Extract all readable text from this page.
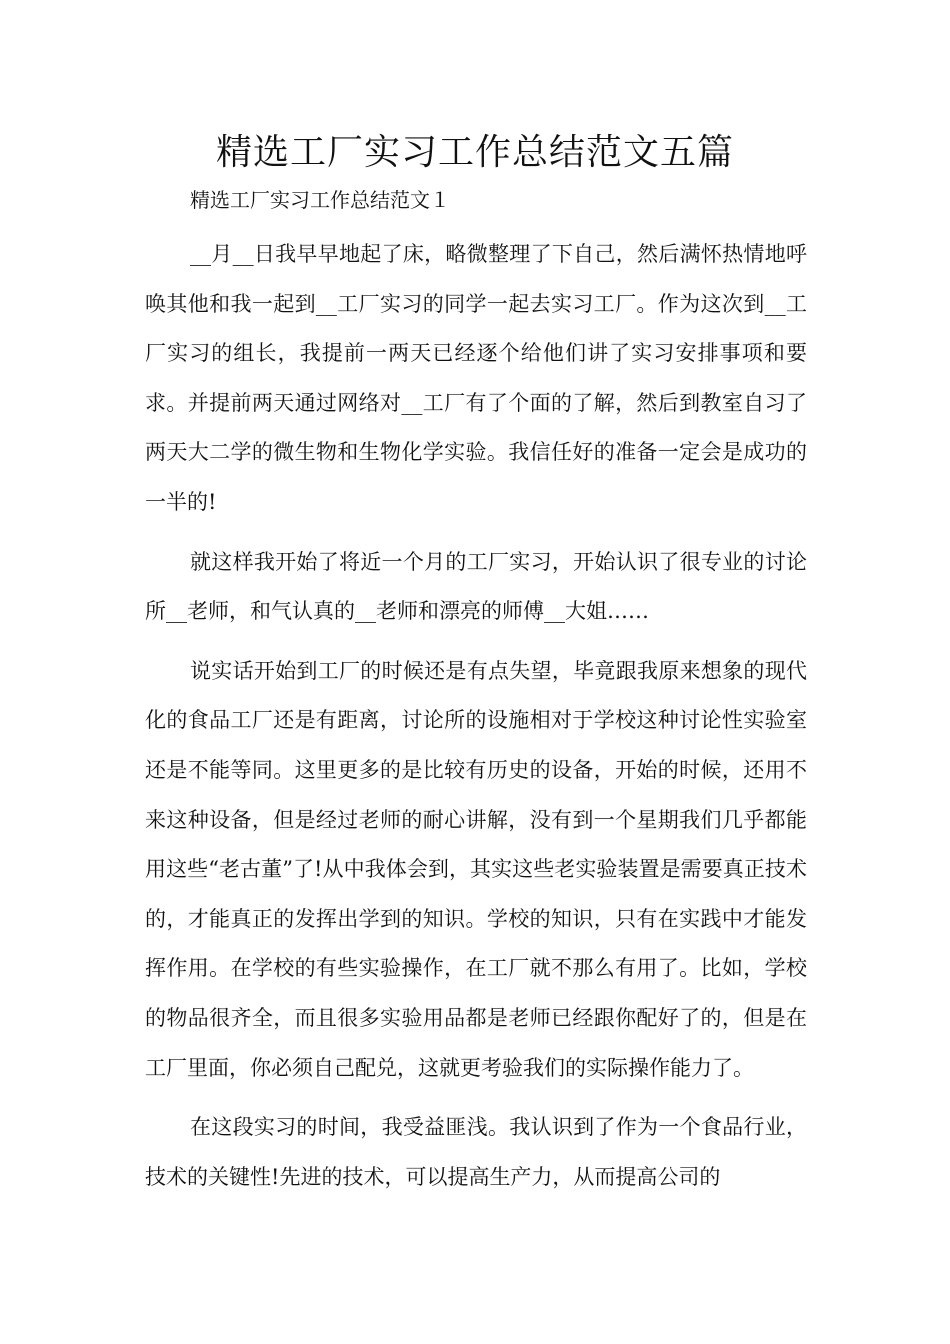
精选工厂实习工作总结范文五篇

精选工厂实习工作总结范文１

__月__日我早早地起了床，略微整理了下自己，然后满怀热情地呼唤其他和我一起到__工厂实习的同学一起去实习工厂。作为这次到__工厂实习的组长，我提前一两天已经逐个给他们讲了实习安排事项和要求。并提前两天通过网络对__工厂有了个面的了解，然后到教室自习了两天大二学的微生物和生物化学实验。我信任好的准备一定会是成功的一半的!

就这样我开始了将近一个月的工厂实习，开始认识了很专业的讨论所__老师，和气认真的__老师和漂亮的师傅__大姐……

说实话开始到工厂的时候还是有点失望，毕竟跟我原来想象的现代化的食品工厂还是有距离，讨论所的设施相对于学校这种讨论性实验室还是不能等同。这里更多的是比较有历史的设备，开始的时候，还用不来这种设备，但是经过老师的耐心讲解，没有到一个星期我们几乎都能用这些“老古董”了!从中我体会到，其实这些老实验装置是需要真正技术的，才能真正的发挥出学到的知识。学校的知识，只有在实践中才能发挥作用。在学校的有些实验操作，在工厂就不那么有用了。比如，学校的物品很齐全，而且很多实验用品都是老师已经跟你配好了的，但是在工厂里面，你必须自己配兑，这就更考验我们的实际操作能力了。

在这段实习的时间，我受益匪浅。我认识到了作为一个食品行业，技术的关键性!先进的技术，可以提高生产力，从而提高公司的
